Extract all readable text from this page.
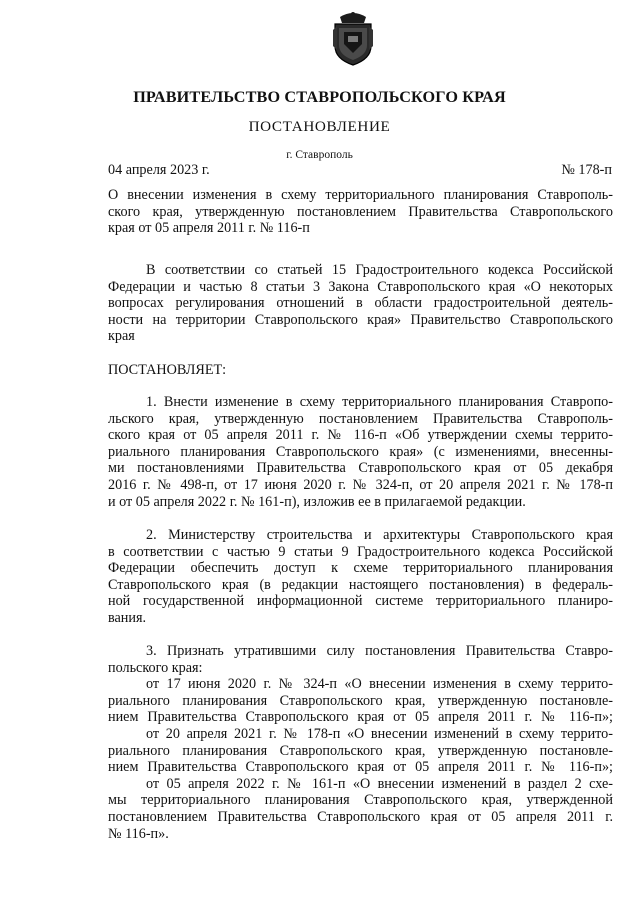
ПРАВИТЕЛЬСТВО СТАВРОПОЛЬСКОГО КРАЯ
ПОСТАНОВЛЕНИЕ
г. Ставрополь
04 апреля 2023 г.	№ 178-п
О внесении изменения в схему территориального планирования Ставрополь-
ского края, утвержденную постановлением Правительства Ставропольского
края от 05 апреля 2011 г. № 116-п
В соответствии со статьей 15 Градостроительного кодекса Российской
Федерации и частью 8 статьи 3 Закона Ставропольского края «О некоторых
вопросах регулирования отношений в области градостроительной деятель-
ности на территории Ставропольского края» Правительство Ставропольского
края
ПОСТАНОВЛЯЕТ:
1. Внести изменение в схему территориального планирования Ставропо-
льского края, утвержденную постановлением Правительства Ставрополь-
ского края от 05 апреля 2011 г. № 116-п «Об утверждении схемы террито-
риального планирования Ставропольского края» (с изменениями, внесенны-
ми постановлениями Правительства Ставропольского края от 05 декабря
2016 г. № 498-п, от 17 июня 2020 г. № 324-п, от 20 апреля 2021 г. № 178-п
и от 05 апреля 2022 г. № 161-п), изложив ее в прилагаемой редакции.
2. Министерству строительства и архитектуры Ставропольского края
в соответствии с частью 9 статьи 9 Градостроительного кодекса Российской
Федерации обеспечить доступ к схеме территориального планирования
Ставропольского края (в редакции настоящего постановления) в федераль-
ной государственной информационной системе территориального планиро-
вания.
3. Признать утратившими силу постановления Правительства Ставро-
польского края:
от 17 июня 2020 г. № 324-п «О внесении изменения в схему террито-
риального планирования Ставропольского края, утвержденную постановле-
нием Правительства Ставропольского края от 05 апреля 2011 г. № 116-п»;
от 20 апреля 2021 г. № 178-п «О внесении изменений в схему террито-
риального планирования Ставропольского края, утвержденную постановле-
нием Правительства Ставропольского края от 05 апреля 2011 г. № 116-п»;
от 05 апреля 2022 г. № 161-п «О внесении изменений в раздел 2 схе-
мы территориального планирования Ставропольского края, утвержденной
постановлением Правительства Ставропольского края от 05 апреля 2011 г.
№ 116-п».
